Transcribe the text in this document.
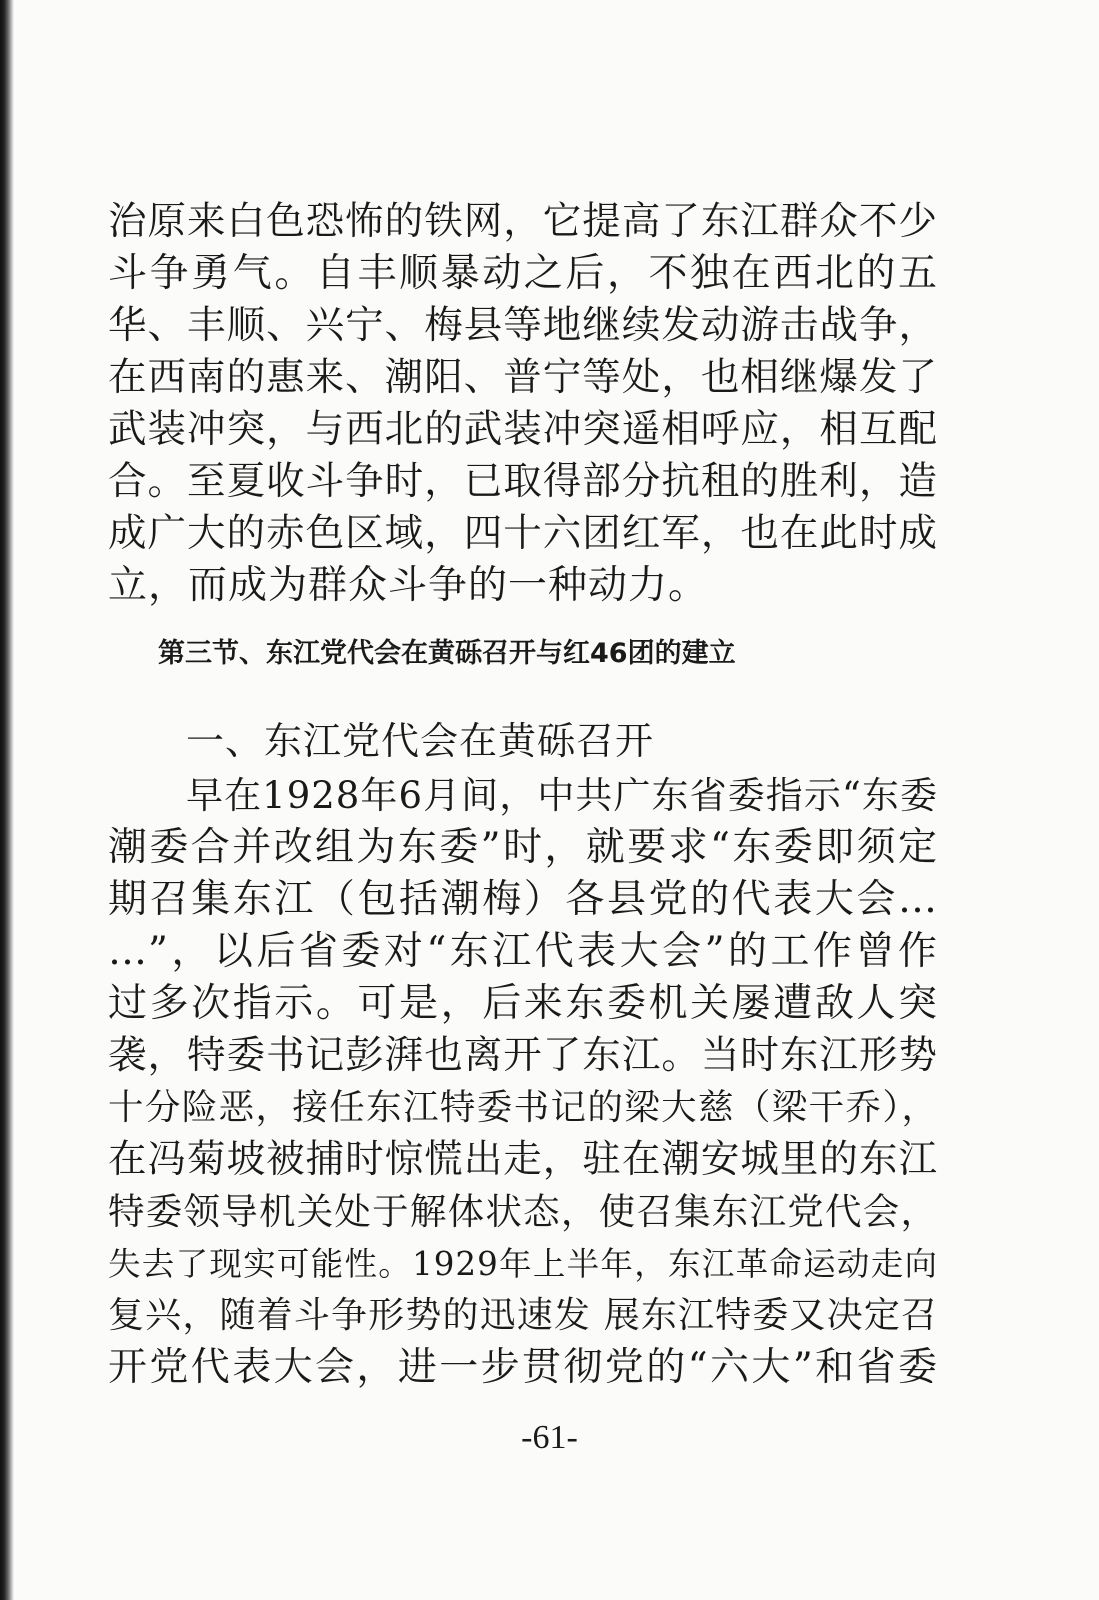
治原来白色恐怖的铁网，它提高了东江群众不少
斗争勇气。自丰顺暴动之后，不独在西北的五
华、丰顺、兴宁、梅县等地继续发动游击战争，
在西南的惠来、潮阳、普宁等处，也相继爆发了
武装冲突，与西北的武装冲突遥相呼应，相互配
合。至夏收斗争时，已取得部分抗租的胜利，造
成广大的赤色区域，四十六团红军，也在此时成
立，而成为群众斗争的一种动力。
第三节、东江党代会在黄砾召开与红46团的建立
一、东江党代会在黄砾召开
早在1928年6月间，中共广东省委指示“东委
潮委合并改组为东委”时，就要求“东委即须定
期召集东江（包括潮梅）各县党的代表大会…
…”，以后省委对“东江代表大会”的工作曾作
过多次指示。可是，后来东委机关屡遭敌人突
袭，特委书记彭湃也离开了东江。当时东江形势
十分险恶，接任东江特委书记的梁大慈（梁干乔），
在冯菊坡被捕时惊慌出走，驻在潮安城里的东江
特委领导机关处于解体状态，使召集东江党代会，
失去了现实可能性。1929年上半年，东江革命运动走向
复兴，随着斗争形势的迅速发 展东江特委又决定召
开党代表大会，进一步贯彻党的“六大”和省委
-61-
